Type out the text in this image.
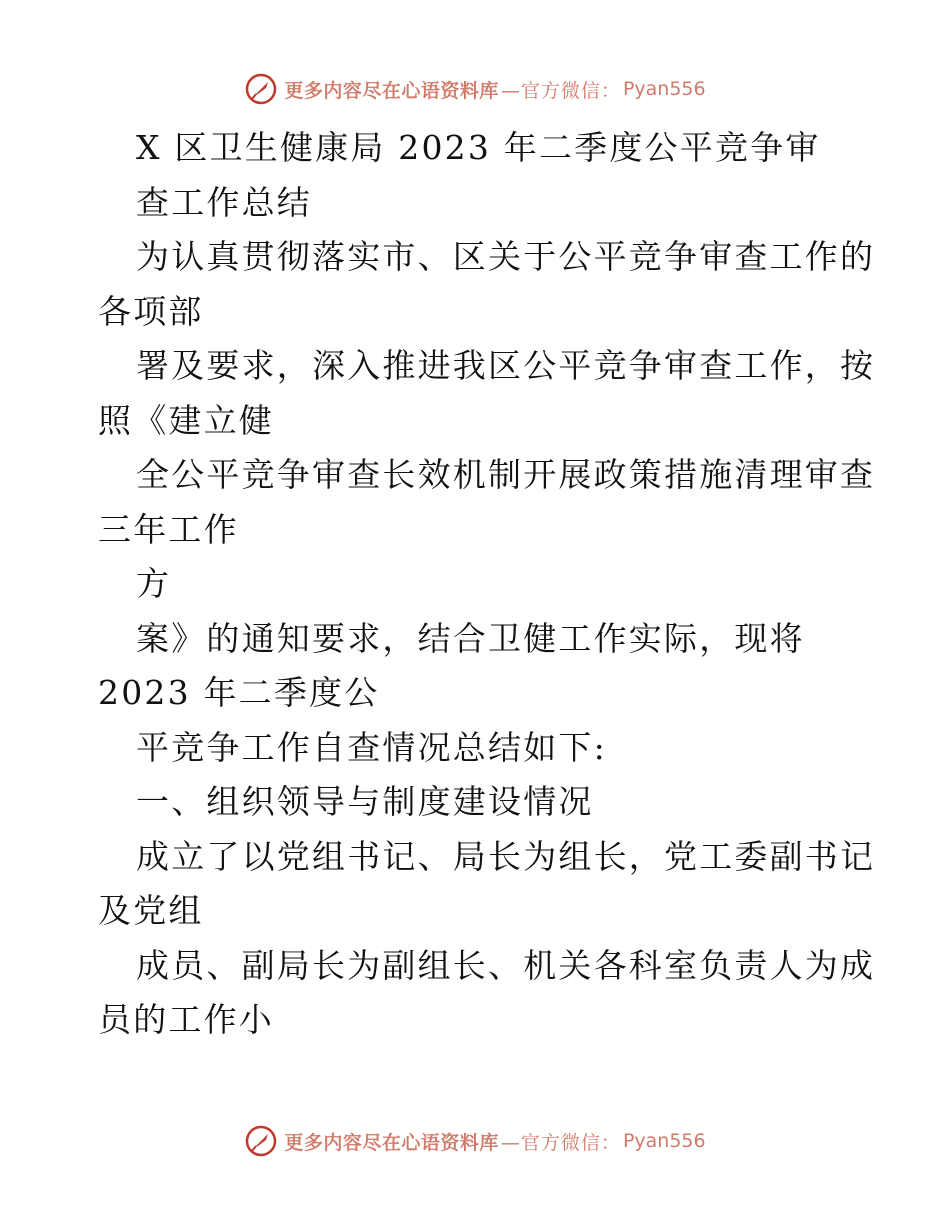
更多内容尽在心语资料库 —官方微信： Pyan556
X 区卫生健康局 2023 年二季度公平竞争审
查工作总结
为认真贯彻落实市、区关于公平竞争审查工作的
各项部
署及要求，深入推进我区公平竞争审查工作，按
照《建立健
全公平竞争审查长效机制开展政策措施清理审查
三年工作
方
案》的通知要求，结合卫健工作实际，现将
2023 年二季度公
平竞争工作自查情况总结如下:
一、组织领导与制度建设情况
成立了以党组书记、局长为组长，党工委副书记
及党组
成员、副局长为副组长、机关各科室负责人为成
员的工作小
更多内容尽在心语资料库 —官方微信： Pyan556
